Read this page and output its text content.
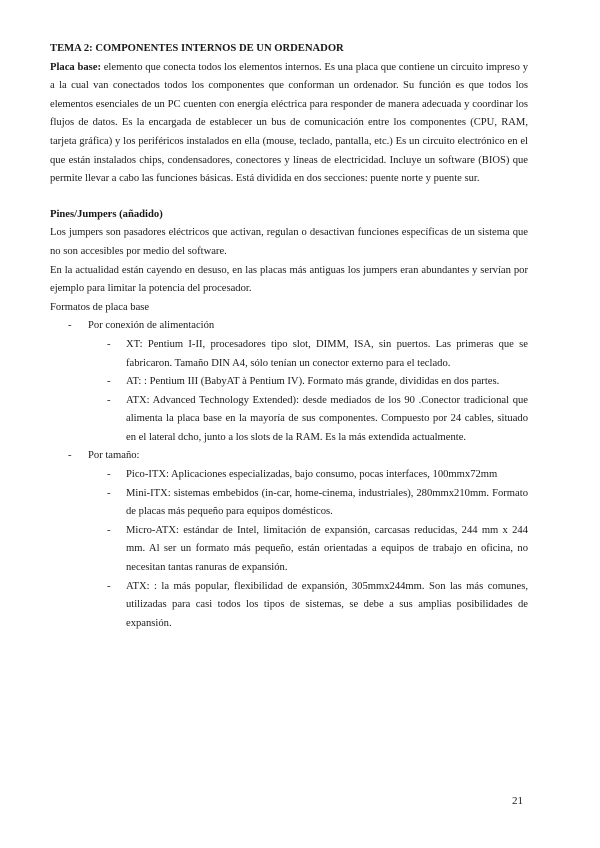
TEMA 2: COMPONENTES INTERNOS DE UN ORDENADOR

Placa base: elemento que conecta todos los elementos internos. Es una placa que contiene un circuito impreso y a la cual van conectados todos los componentes que conforman un ordenador. Su función es que todos los elementos esenciales de un PC cuenten con energía eléctrica para responder de manera adecuada y coordinar los flujos de datos. Es la encargada de establecer un bus de comunicación entre los componentes (CPU, RAM, tarjeta gráfica) y los periféricos instalados en ella (mouse, teclado, pantalla, etc.) Es un circuito electrónico en el que están instalados chips, condensadores, conectores y líneas de electricidad. Incluye un software (BIOS) que permite llevar a cabo las funciones básicas. Está dividida en dos secciones: puente norte y puente sur.

Pines/Jumpers (añadido)

Los jumpers son pasadores eléctricos que activan, regulan o desactivan funciones específicas de un sistema que no son accesibles por medio del software.

En la actualidad están cayendo en desuso, en las placas más antiguas los jumpers eran abundantes y servían por ejemplo para limitar la potencia del procesador.

Formatos de placa base

- Por conexión de alimentación
- XT: Pentium I-II, procesadores tipo slot, DIMM, ISA, sin puertos. Las primeras que se fabricaron. Tamaño DIN A4, sólo tenían un conector externo para el teclado.
- AT: : Pentium III (BabyAT à Pentium IV). Formato más grande, divididas en dos partes.
- ATX: Advanced Technology Extended): desde mediados de los 90 .Conector tradicional que alimenta la placa base en la mayoría de sus componentes. Compuesto por 24 cables, situado en el lateral dcho, junto a los slots de la RAM. Es la más extendida actualmente.
- Por tamaño:
- Pico-ITX: Aplicaciones especializadas, bajo consumo, pocas interfaces, 100mmx72mm
- Mini-ITX: sistemas embebidos (in-car, home-cinema, industriales), 280mmx210mm. Formato de placas más pequeño para equipos domésticos.
- Micro-ATX: estándar de Intel, limitación de expansión, carcasas reducidas, 244 mm x 244 mm. Al ser un formato más pequeño, están orientadas a equipos de trabajo en oficina, no necesitan tantas ranuras de expansión.
- ATX: : la más popular, flexibilidad de expansión, 305mmx244mm. Son las más comunes, utilizadas para casi todos los tipos de sistemas, se debe a sus amplias posibilidades de expansión.
21
